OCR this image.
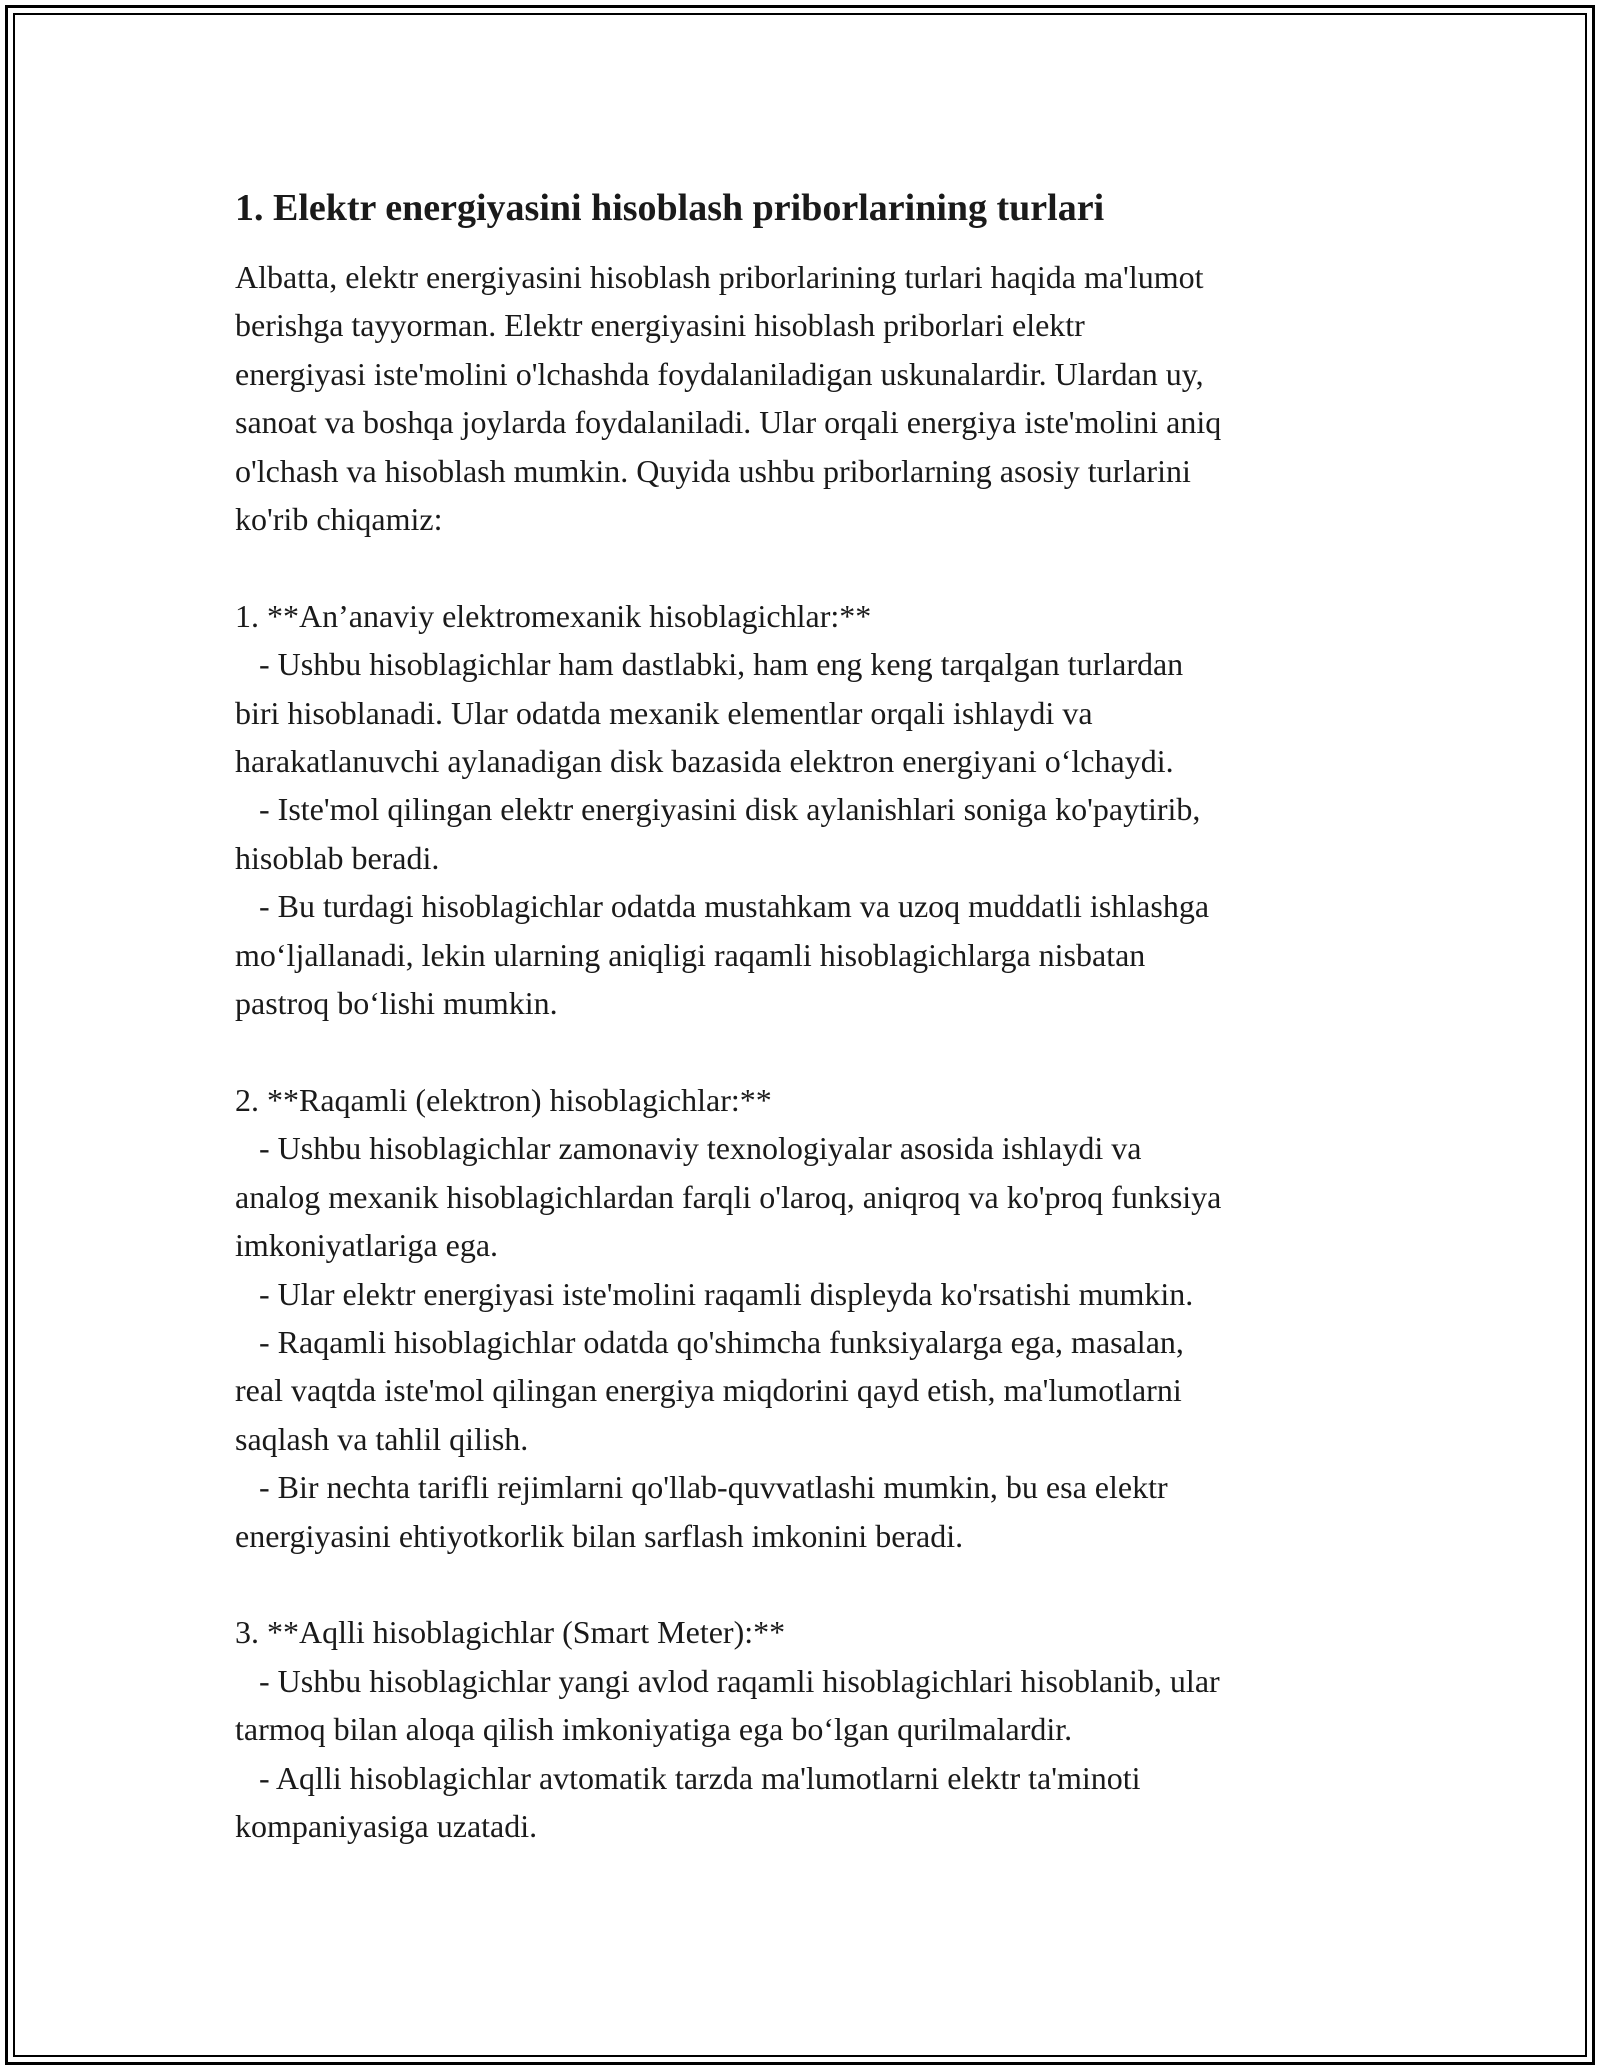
1. Elektr energiyasini hisoblash priborlarining turlari
Albatta, elektr energiyasini hisoblash priborlarining turlari haqida ma'lumot
berishga tayyorman. Elektr energiyasini hisoblash priborlari elektr
energiyasi iste'molini o'lchashda foydalaniladigan uskunalardir. Ulardan uy,
sanoat va boshqa joylarda foydalaniladi. Ular orqali energiya iste'molini aniq
o'lchash va hisoblash mumkin. Quyida ushbu priborlarning asosiy turlarini
ko'rib chiqamiz:
1. **An’anaviy elektromexanik hisoblagichlar:**
- Ushbu hisoblagichlar ham dastlabki, ham eng keng tarqalgan turlardan
biri hisoblanadi. Ular odatda mexanik elementlar orqali ishlaydi va
harakatlanuvchi aylanadigan disk bazasida elektron energiyani o‘lchaydi.
- Iste'mol qilingan elektr energiyasini disk aylanishlari soniga ko'paytirib,
hisoblab beradi.
- Bu turdagi hisoblagichlar odatda mustahkam va uzoq muddatli ishlashga
mo‘ljallanadi, lekin ularning aniqligi raqamli hisoblagichlarga nisbatan
pastroq bo‘lishi mumkin.
2. **Raqamli (elektron) hisoblagichlar:**
- Ushbu hisoblagichlar zamonaviy texnologiyalar asosida ishlaydi va
analog mexanik hisoblagichlardan farqli o'laroq, aniqroq va ko'proq funksiya
imkoniyatlariga ega.
- Ular elektr energiyasi iste'molini raqamli displeyda ko'rsatishi mumkin.
- Raqamli hisoblagichlar odatda qo'shimcha funksiyalarga ega, masalan,
real vaqtda iste'mol qilingan energiya miqdorini qayd etish, ma'lumotlarni
saqlash va tahlil qilish.
- Bir nechta tarifli rejimlarni qo'llab-quvvatlashi mumkin, bu esa elektr
energiyasini ehtiyotkorlik bilan sarflash imkonini beradi.
3. **Aqlli hisoblagichlar (Smart Meter):**
- Ushbu hisoblagichlar yangi avlod raqamli hisoblagichlari hisoblanib, ular
tarmoq bilan aloqa qilish imkoniyatiga ega bo‘lgan qurilmalardir.
- Aqlli hisoblagichlar avtomatik tarzda ma'lumotlarni elektr ta'minoti
kompaniyasiga uzatadi.
